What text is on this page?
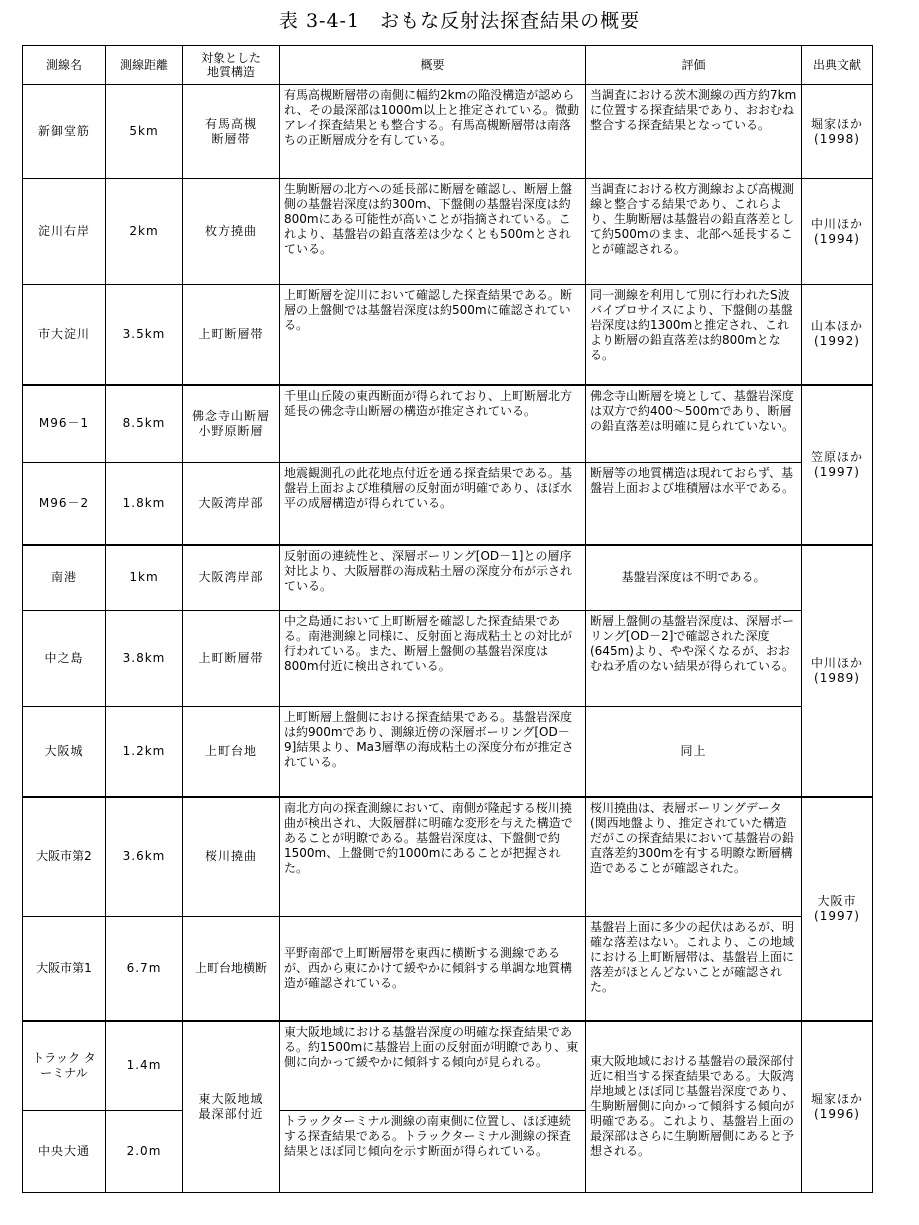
表 3-4-1　おもな反射法探査結果の概要
測線名	測線距離	対象とした地質構造	概要	評価	出典文献
新御堂筋	5km	有馬高槻断層帯	有馬高槻断層帯の南側に幅約2kmの陥没構造が認められ、その最深部は1000m以上と推定されている。微動アレイ探査結果とも整合する。有馬高槻断層帯は南落ちの正断層成分を有している。	当調査における茨木測線の西方約7kmに位置する探査結果であり、おおむね整合する探査結果となっている。	堀家ほか (1998)
淀川右岸	2km	枚方撓曲	生駒断層の北方への延長部に断層を確認し、断層上盤側の基盤岩深度は約300m、下盤側の基盤岩深度は約800mにある可能性が高いことが指摘されている。これより、基盤岩の鉛直落差は少なくとも500mとされている。	当調査における枚方測線および高槻測線と整合する結果であり、これらより、生駒断層は基盤岩の鉛直落差として約500mのまま、北部へ延長することが確認される。	中川ほか (1994)
市大淀川	3.5km	上町断層帯	上町断層を淀川において確認した探査結果である。断層の上盤側では基盤岩深度は約500mに確認されている。	同一測線を利用して別に行われたS波バイブロサイスにより、下盤側の基盤岩深度は約1300mと推定され、これより断層の鉛直落差は約800mとなる。	山本ほか (1992)
M96－1	8.5km	佛念寺山断層 小野原断層	千里山丘陵の東西断面が得られており、上町断層北方延長の佛念寺山断層の構造が推定されている。	佛念寺山断層を境として、基盤岩深度は双方で約400～500mであり、断層の鉛直落差は明確に見られていない。	笠原ほか (1997)
M96－2	1.8km	大阪湾岸部	地震観測孔の此花地点付近を通る探査結果である。基盤岩上面および堆積層の反射面が明確であり、ほぼ水平の成層構造が得られている。	断層等の地質構造は現れておらず、基盤岩上面および堆積層は水平である。	
南港	1km	大阪湾岸部	反射面の連続性と、深層ボーリング[OD－1]との層序対比より、大阪層群の海成粘土層の深度分布が示されている。	基盤岩深度は不明である。	中川ほか (1989)
中之島	3.8km	上町断層帯	中之島通において上町断層を確認した探査結果である。南港測線と同様に、反射面と海成粘土との対比が行われている。また、断層上盤側の基盤岩深度は800m付近に検出されている。	断層上盤側の基盤岩深度は、深層ボーリング[OD－2]で確認された深度(645m)より、やや深くなるが、おおむね矛盾のない結果が得られている。	
大阪城	1.2km	上町台地	上町断層上盤側における探査結果である。基盤岩深度は約900mであり、測線近傍の深層ボーリング[OD－9]結果より、Ma3層準の海成粘土の深度分布が推定されている。	同上	
大阪市第2	3.6km	桜川撓曲	南北方向の探査測線において、南側が隆起する桜川撓曲が検出され、大阪層群に明確な変形を与えた構造であることが明瞭である。基盤岩深度は、下盤側で約1500m、上盤側で約1000mにあることが把握された。	桜川撓曲は、表層ボーリングデータ(関西地盤より、推定されていた構造だがこの探査結果において基盤岩の鉛直落差約300mを有する明瞭な断層構造であることが確認された。	大阪市 (1997)
大阪市第1	6.7m	上町台地横断	平野南部で上町断層帯を東西に横断する測線であるが、西から東にかけて緩やかに傾斜する単調な地質構造が確認されている。	基盤岩上面に多少の起伏はあるが、明確な落差はない。これより、この地域における上町断層帯は、基盤岩上面に落差がほとんどないことが確認された。	
トラック ターミナル	1.4m	東大阪地域 最深部付近	東大阪地域における基盤岩深度の明確な探査結果である。約1500mに基盤岩上面の反射面が明瞭であり、東側に向かって緩やかに傾斜する傾向が見られる。	東大阪地域における基盤岩の最深部付近に相当する探査結果である。大阪湾岸地域とほぼ同じ基盤岩深度であり、生駒断層側に向かって傾斜する傾向が明確である。これより、基盤岩上面の最深部はさらに生駒断層側にあると予想される。	堀家ほか (1996)
中央大通	2.0m		トラックターミナル測線の南東側に位置し、ほぼ連続する探査結果である。トラックターミナル測線の探査結果とほぼ同じ傾向を示す断面が得られている。		
